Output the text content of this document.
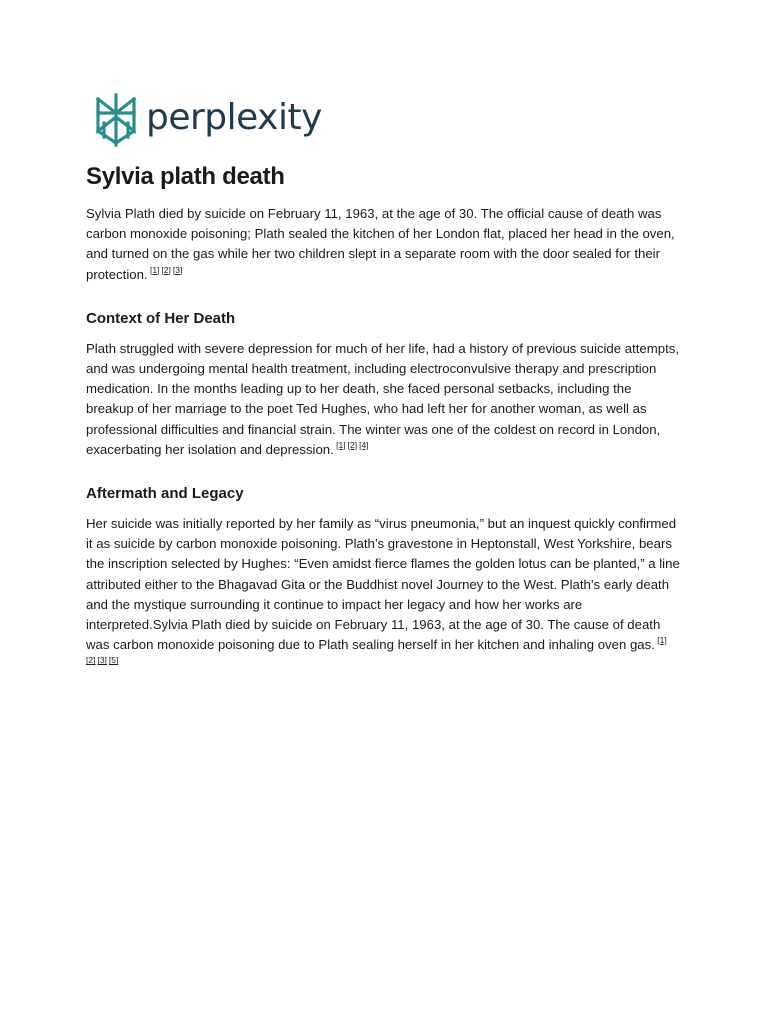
perplexity
Sylvia plath death

Sylvia Plath died by suicide on February 11, 1963, at the age of 30. The official cause of death was carbon monoxide poisoning; Plath sealed the kitchen of her London flat, placed her head in the oven, and turned on the gas while her two children slept in a separate room with the door sealed for their protection. [1] [2] [3]

Context of Her Death

Plath struggled with severe depression for much of her life, had a history of previous suicide attempts, and was undergoing mental health treatment, including electroconvulsive therapy and prescription medication. In the months leading up to her death, she faced personal setbacks, including the breakup of her marriage to the poet Ted Hughes, who had left her for another woman, as well as professional difficulties and financial strain. The winter was one of the coldest on record in London, exacerbating her isolation and depression. [1] [2] [4]

Aftermath and Legacy

Her suicide was initially reported by her family as “virus pneumonia,” but an inquest quickly confirmed it as suicide by carbon monoxide poisoning. Plath’s gravestone in Heptonstall, West Yorkshire, bears the inscription selected by Hughes: “Even amidst fierce flames the golden lotus can be planted,” a line attributed either to the Bhagavad Gita or the Buddhist novel Journey to the West. Plath’s early death and the mystique surrounding it continue to impact her legacy and how her works are interpreted.Sylvia Plath died by suicide on February 11, 1963, at the age of 30. The cause of death was carbon monoxide poisoning due to Plath sealing herself in her kitchen and inhaling oven gas. [1][2] [3] [5]
